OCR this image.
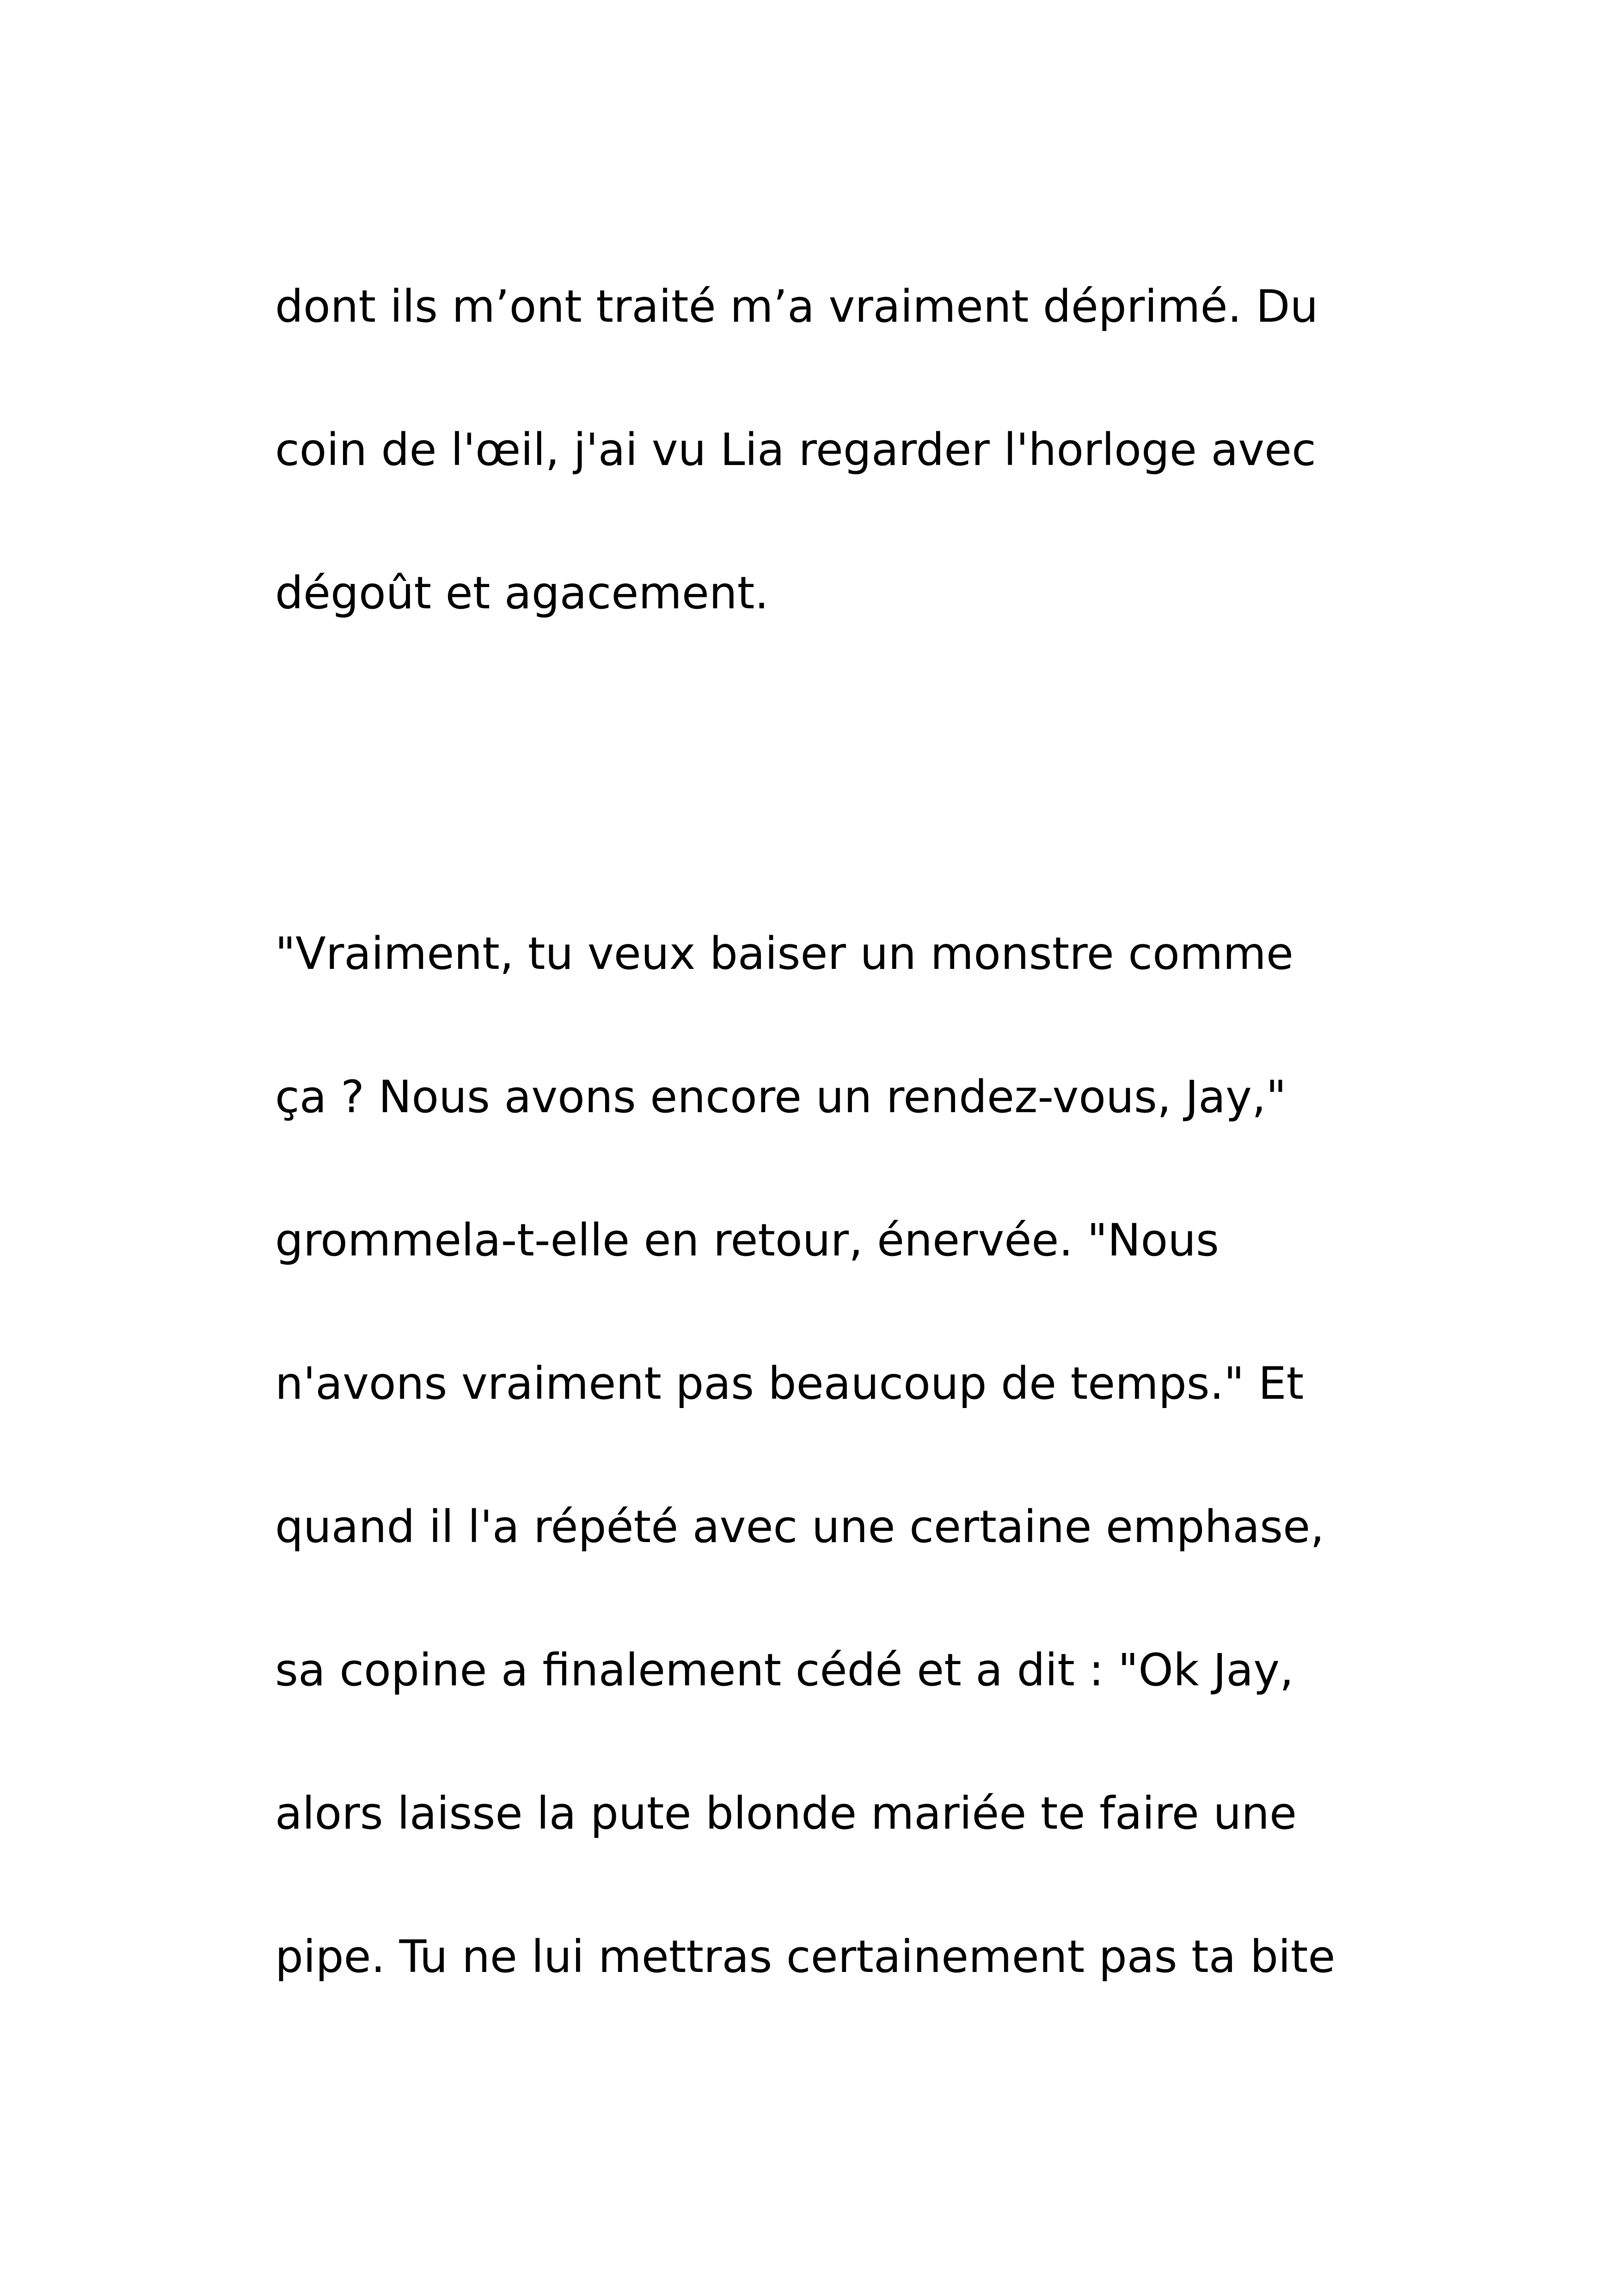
dont ils m’ont traité m’a vraiment déprimé. Du
coin de l'œil, j'ai vu Lia regarder l'horloge avec
dégoût et agacement.
"Vraiment, tu veux baiser un monstre comme
ça ? Nous avons encore un rendez-vous, Jay,"
grommela-t-elle en retour, énervée. "Nous
n'avons vraiment pas beaucoup de temps." Et
quand il l'a répété avec une certaine emphase,
sa copine a finalement cédé et a dit : "Ok Jay,
alors laisse la pute blonde mariée te faire une
pipe. Tu ne lui mettras certainement pas ta bite
